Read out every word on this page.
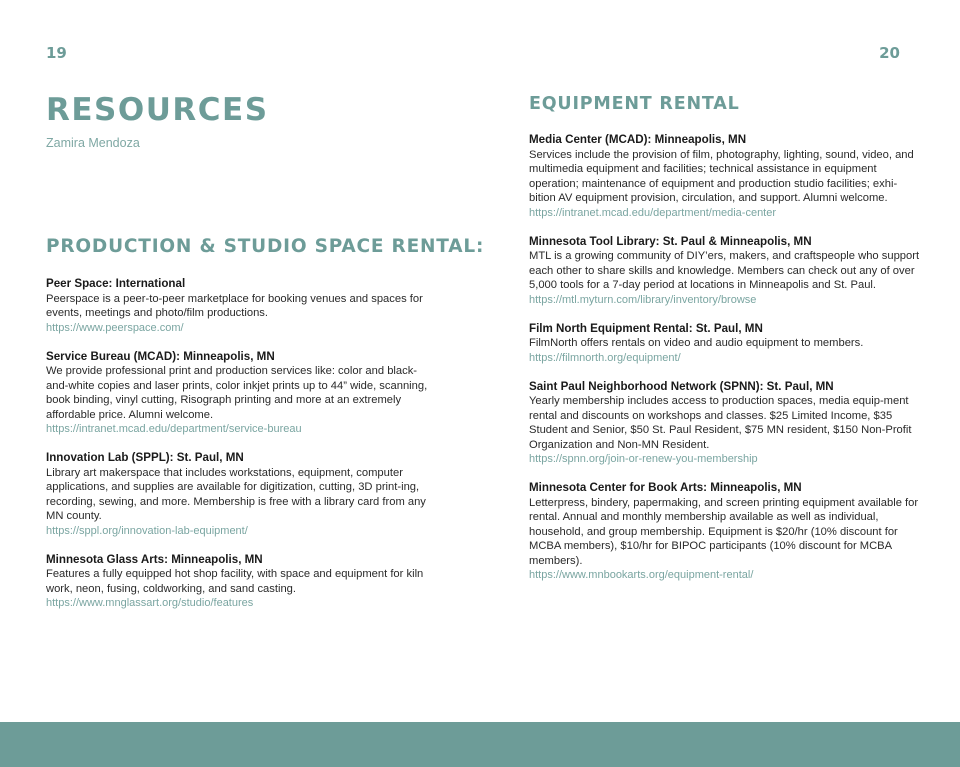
19	20
RESOURCES
Zamira Mendoza
PRODUCTION & STUDIO SPACE RENTAL:
Peer Space: International
Peerspace is a peer-to-peer marketplace for booking venues and spaces for events, meetings and photo/film productions.
https://www.peerspace.com/
Service Bureau (MCAD): Minneapolis, MN
We provide professional print and production services like: color and black-and-white copies and laser prints, color inkjet prints up to 44” wide, scanning, book binding, vinyl cutting, Risograph printing and more at an extremely affordable price. Alumni welcome.
https://intranet.mcad.edu/department/service-bureau
Innovation Lab (SPPL): St. Paul, MN
Library art makerspace that includes workstations, equipment, computer applications, and supplies are available for digitization, cutting, 3D print-ing, recording, sewing, and more. Membership is free with a library card from any MN county.
https://sppl.org/innovation-lab-equipment/
Minnesota Glass Arts: Minneapolis, MN
Features a fully equipped hot shop facility, with space and equipment for kiln work, neon, fusing, coldworking, and sand casting.
https://www.mnglassart.org/studio/features
EQUIPMENT RENTAL
Media Center (MCAD): Minneapolis, MN
Services include the provision of film, photography, lighting, sound, video, and multimedia equipment and facilities; technical assistance in equipment operation; maintenance of equipment and production studio facilities; exhi-bition AV equipment provision, circulation, and support. Alumni welcome.
https://intranet.mcad.edu/department/media-center
Minnesota Tool Library: St. Paul & Minneapolis, MN
MTL is a growing community of DIY’ers, makers, and craftspeople who support each other to share skills and knowledge. Members can check out any of over 5,000 tools for a 7-day period at locations in Minneapolis and St. Paul.
https://mtl.myturn.com/library/inventory/browse
Film North Equipment Rental: St. Paul, MN
FilmNorth offers rentals on video and audio equipment to members.
https://filmnorth.org/equipment/
Saint Paul Neighborhood Network (SPNN): St. Paul, MN
Yearly membership includes access to production spaces, media equip-ment rental and discounts on workshops and classes. $25 Limited Income, $35 Student and Senior, $50 St. Paul Resident, $75 MN resident, $150 Non-Profit Organization and Non-MN Resident.
https://spnn.org/join-or-renew-you-membership
Minnesota Center for Book Arts: Minneapolis, MN
Letterpress, bindery, papermaking, and screen printing equipment available for rental. Annual and monthly membership available as well as individual, household, and group membership. Equipment is $20/hr (10% discount for MCBA members), $10/hr for BIPOC participants (10% discount for MCBA members).
https://www.mnbookarts.org/equipment-rental/
